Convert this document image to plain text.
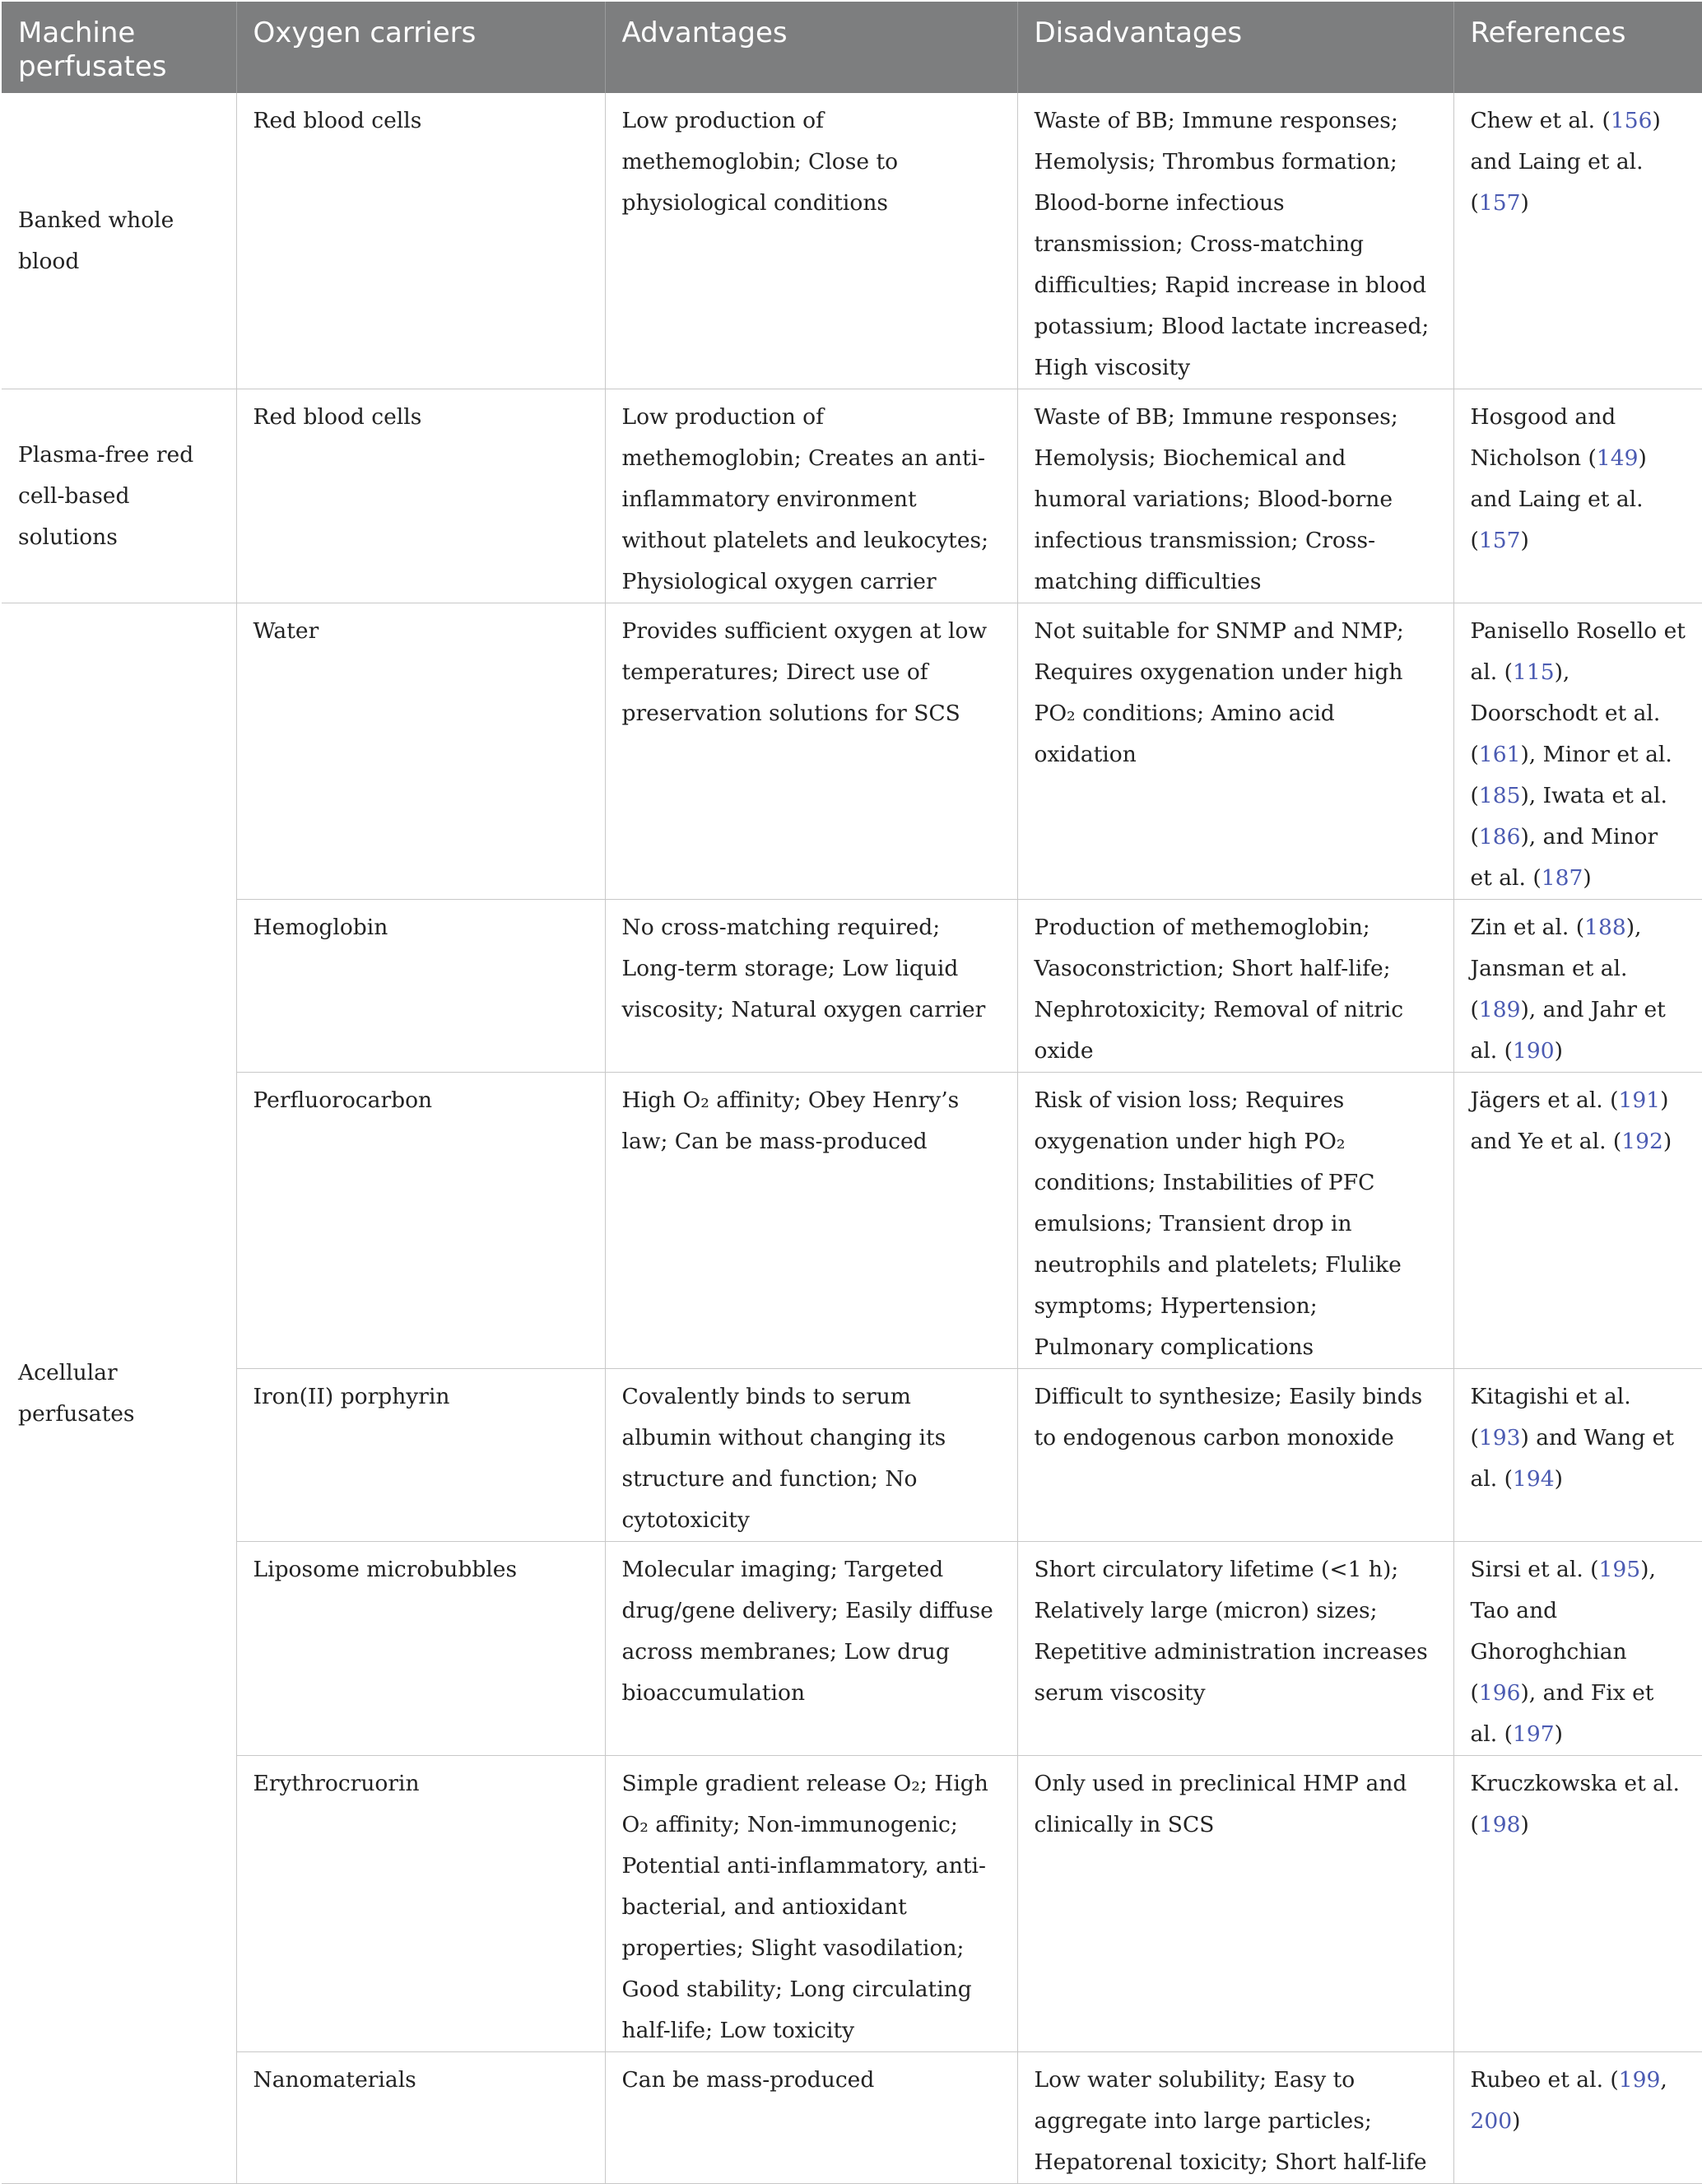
Machine perfusates	Oxygen carriers	Advantages	Disadvantages	References
Banked whole blood	Red blood cells	Low production of methemoglobin; Close to physiological conditions	Waste of BB; Immune responses; Hemolysis; Thrombus formation; Blood-borne infectious transmission; Cross-matching difficulties; Rapid increase in blood potassium; Blood lactate increased; High viscosity	Chew et al. (156) and Laing et al. (157)
Plasma-free red cell-based solutions	Red blood cells	Low production of methemoglobin; Creates an anti-inflammatory environment without platelets and leukocytes; Physiological oxygen carrier	Waste of BB; Immune responses; Hemolysis; Biochemical and humoral variations; Blood-borne infectious transmission; Cross-matching difficulties	Hosgood and Nicholson (149) and Laing et al. (157)
Acellular perfusates	Water	Provides sufficient oxygen at low temperatures; Direct use of preservation solutions for SCS	Not suitable for SNMP and NMP; Requires oxygenation under high PO₂ conditions; Amino acid oxidation	Panisello Rosello et al. (115), Doorschodt et al. (161), Minor et al. (185), Iwata et al. (186), and Minor et al. (187)
	Hemoglobin	No cross-matching required; Long-term storage; Low liquid viscosity; Natural oxygen carrier	Production of methemoglobin; Vasoconstriction; Short half-life; Nephrotoxicity; Removal of nitric oxide	Zin et al. (188), Jansman et al. (189), and Jahr et al. (190)
	Perfluorocarbon	High O₂ affinity; Obey Henry’s law; Can be mass-produced	Risk of vision loss; Requires oxygenation under high PO₂ conditions; Instabilities of PFC emulsions; Transient drop in neutrophils and platelets; Flulike symptoms; Hypertension; Pulmonary complications	Jägers et al. (191) and Ye et al. (192)
	Iron(II) porphyrin	Covalently binds to serum albumin without changing its structure and function; No cytotoxicity	Difficult to synthesize; Easily binds to endogenous carbon monoxide	Kitagishi et al. (193) and Wang et al. (194)
	Liposome microbubbles	Molecular imaging; Targeted drug/gene delivery; Easily diffuse across membranes; Low drug bioaccumulation	Short circulatory lifetime (<1 h); Relatively large (micron) sizes; Repetitive administration increases serum viscosity	Sirsi et al. (195), Tao and Ghoroghchian (196), and Fix et al. (197)
	Erythrocruorin	Simple gradient release O₂; High O₂ affinity; Non-immunogenic; Potential anti-inflammatory, anti-bacterial, and antioxidant properties; Slight vasodilation; Good stability; Long circulating half-life; Low toxicity	Only used in preclinical HMP and clinically in SCS	Kruczkowska et al. (198)
	Nanomaterials	Can be mass-produced	Low water solubility; Easy to aggregate into large particles; Hepatorenal toxicity; Short half-life	Rubeo et al. (199, 200)
